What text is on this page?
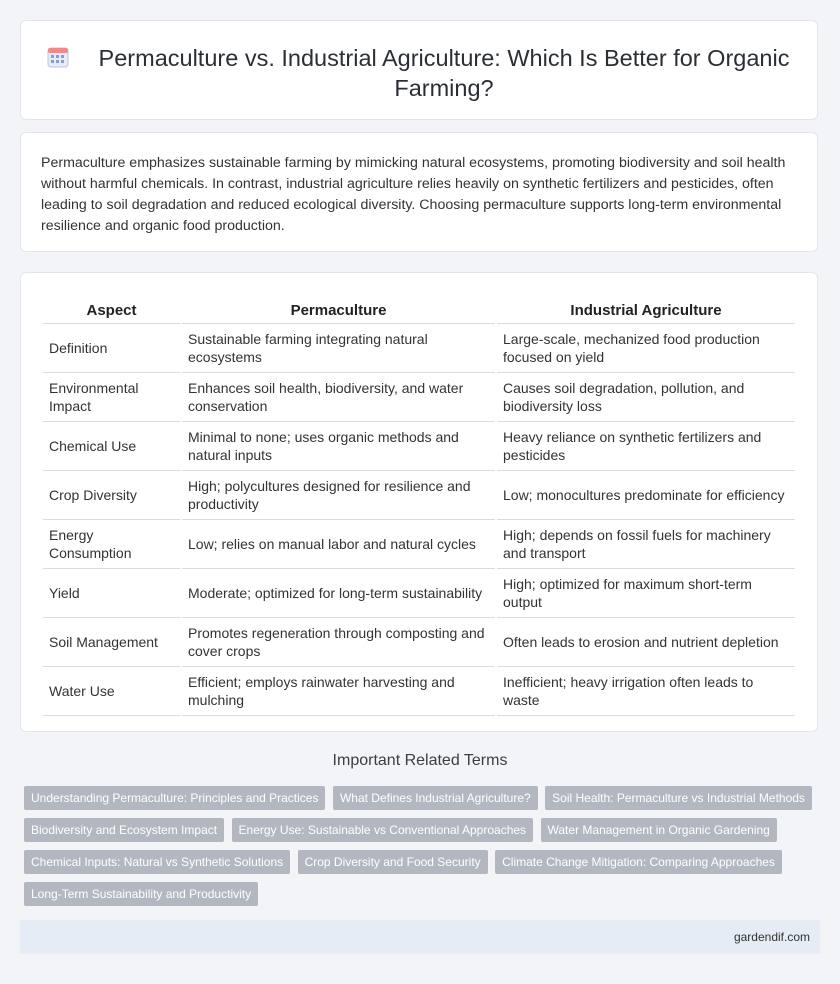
Permaculture vs. Industrial Agriculture: Which Is Better for Organic Farming?

Permaculture emphasizes sustainable farming by mimicking natural ecosystems, promoting biodiversity and soil health without harmful chemicals. In contrast, industrial agriculture relies heavily on synthetic fertilizers and pesticides, often leading to soil degradation and reduced ecological diversity. Choosing permaculture supports long-term environmental resilience and organic food production.

Aspect	Permaculture	Industrial Agriculture
Definition	Sustainable farming integrating natural ecosystems	Large-scale, mechanized food production focused on yield
Environmental Impact	Enhances soil health, biodiversity, and water conservation	Causes soil degradation, pollution, and biodiversity loss
Chemical Use	Minimal to none; uses organic methods and natural inputs	Heavy reliance on synthetic fertilizers and pesticides
Crop Diversity	High; polycultures designed for resilience and productivity	Low; monocultures predominate for efficiency
Energy Consumption	Low; relies on manual labor and natural cycles	High; depends on fossil fuels for machinery and transport
Yield	Moderate; optimized for long-term sustainability	High; optimized for maximum short-term output
Soil Management	Promotes regeneration through composting and cover crops	Often leads to erosion and nutrient depletion
Water Use	Efficient; employs rainwater harvesting and mulching	Inefficient; heavy irrigation often leads to waste
Important Related Terms
Understanding Permaculture: Principles and Practices What Defines Industrial Agriculture? Soil Health: Permaculture vs Industrial Methods Biodiversity and Ecosystem Impact Energy Use: Sustainable vs Conventional Approaches Water Management in Organic Gardening Chemical Inputs: Natural vs Synthetic Solutions Crop Diversity and Food Security Climate Change Mitigation: Comparing Approaches Long-Term Sustainability and Productivity
gardendif.com
